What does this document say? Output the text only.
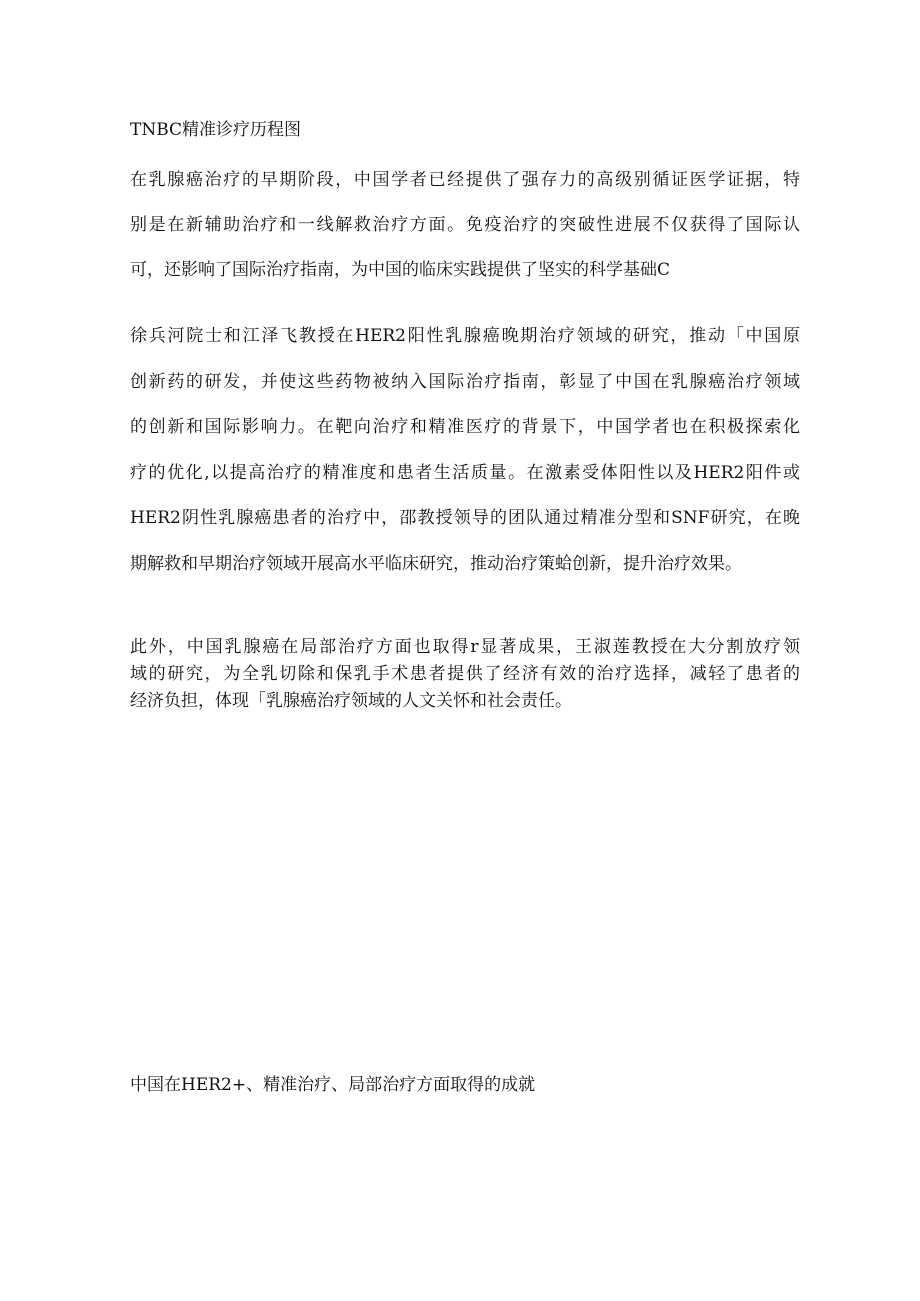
TNBC精准诊疗历程图
在乳腺癌治疗的早期阶段，中国学者已经提供了强存力的高级别循证医学证据，特
别是在新辅助治疗和一线解救治疗方面。免疫治疗的突破性进展不仅获得了国际认
可，还影响了国际治疗指南，为中国的临床实践提供了坚实的科学基础C
徐兵河院士和江泽飞教授在HER2阳性乳腺癌晚期治疗领域的研究，推动「中国原
创新药的研发，并使这些药物被纳入国际治疗指南，彰显了中国在乳腺癌治疗领域
的创新和国际影响力。在靶向治疗和精准医疗的背景下，中国学者也在积极探索化
疗的优化,以提高治疗的精准度和患者生活质量。在激素受体阳性以及HER2阳件或
HER2阴性乳腺癌患者的治疗中，邵教授领导的团队通过精准分型和SNF研究，在晚
期解救和早期治疗领域开展高水平临床研究，推动治疗策蛤创新，提升治疗效果。
此外，中国乳腺癌在局部治疗方面也取得r显著成果，王淑莲教授在大分割放疗领
域的研究，为全乳切除和保乳手术患者提供了经济有效的治疗选择，减轻了患者的
经济负担，体现「乳腺癌治疗领域的人文关怀和社会责任。
中国在HER2+、精准治疗、局部治疗方面取得的成就
